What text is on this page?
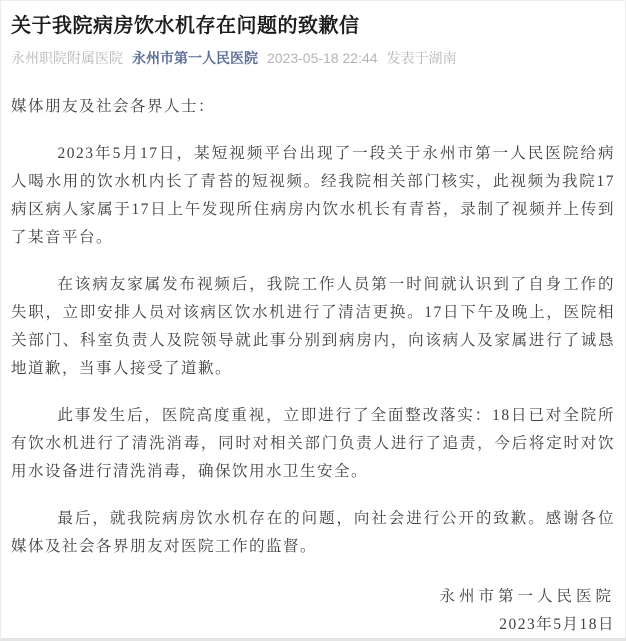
关于我院病房饮水机存在问题的致歉信
永州职院附属医院 永州市第一人民医院 2023-05-18 22:44 发表于湖南

媒体朋友及社会各界人士：

2023年5月17日，某短视频平台出现了一段关于永州市第一人民医院给病人喝水用的饮水机内长了青苔的短视频。经我院相关部门核实，此视频为我院17病区病人家属于17日上午发现所住病房内饮水机长有青苔，录制了视频并上传到了某音平台。

在该病友家属发布视频后，我院工作人员第一时间就认识到了自身工作的失职，立即安排人员对该病区饮水机进行了清洁更换。17日下午及晚上，医院相关部门、科室负责人及院领导就此事分别到病房内，向该病人及家属进行了诚恳地道歉，当事人接受了道歉。

此事发生后，医院高度重视，立即进行了全面整改落实：18日已对全院所有饮水机进行了清洗消毒，同时对相关部门负责人进行了追责，今后将定时对饮用水设备进行清洗消毒，确保饮用水卫生安全。

最后，就我院病房饮水机存在的问题，向社会进行公开的致歉。感谢各位媒体及社会各界朋友对医院工作的监督。

永州市第一人民医院

2023年5月18日
